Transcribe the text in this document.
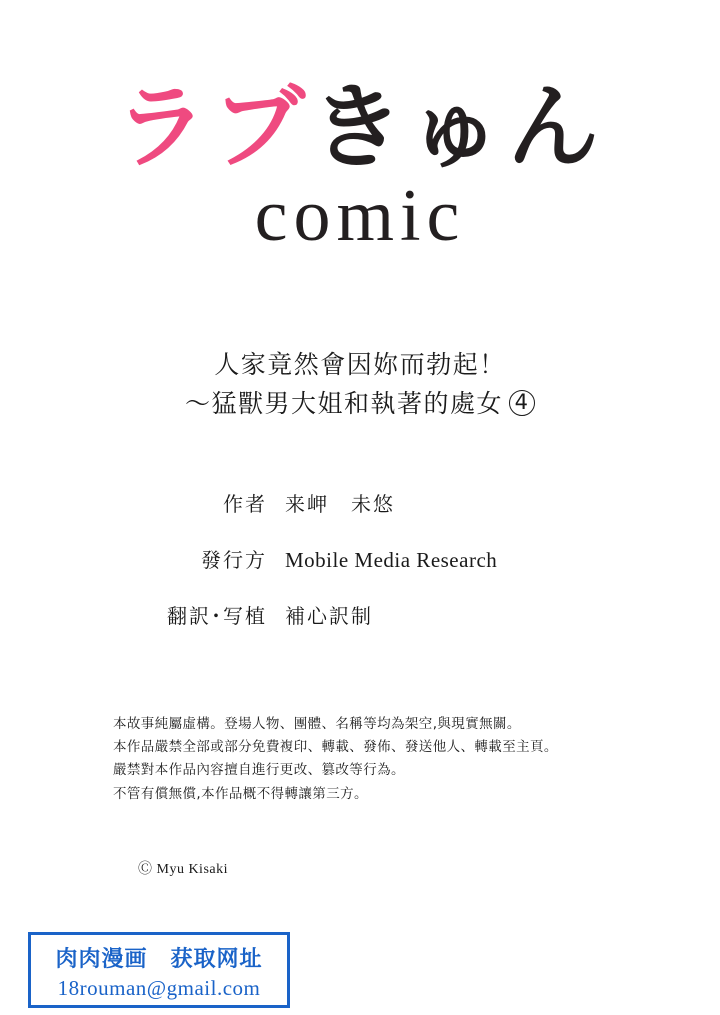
ラブきゅん
comic
人家竟然會因妳而勃起！
～猛獸男大姐和執著的處女 4
作者 来岬　未悠
發行方 Mobile Media Research
翻訳･写植 補心訳制
本故事純屬虛構。登場人物、團體、名稱等均為架空,與現實無關。
本作品嚴禁全部或部分免費複印、轉載、發佈、發送他人、轉載至主頁。
嚴禁對本作品內容擅自進行更改、篡改等行為。
不管有償無償,本作品概不得轉讓第三方。
Ⓒ Myu Kisaki
肉肉漫画　获取网址
18rouman@gmail.com
